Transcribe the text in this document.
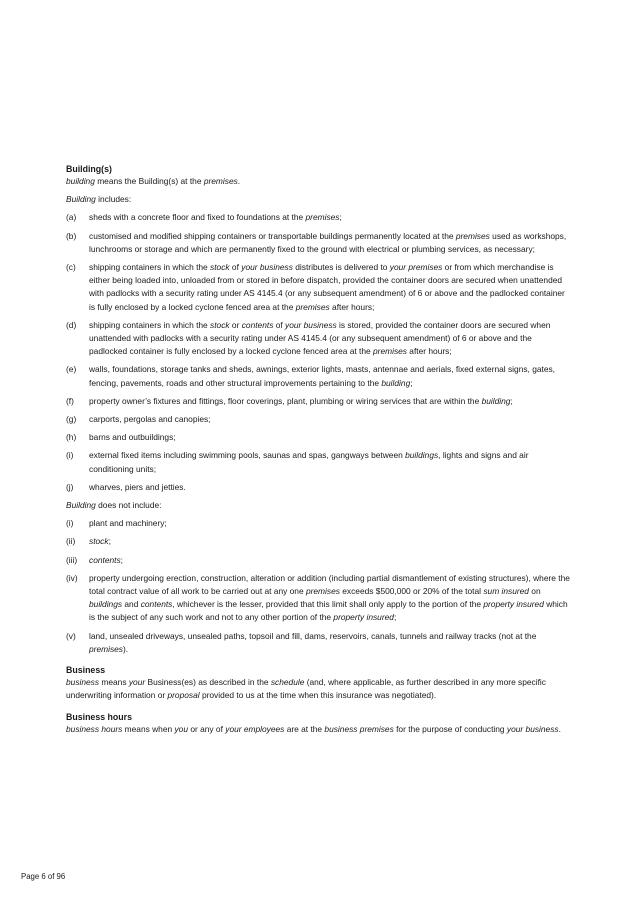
Building(s)

building means the Building(s) at the premises.

Building includes:

(a)	sheds with a concrete floor and fixed to foundations at the premises;
(b)	customised and modified shipping containers or transportable buildings permanently located at the premises used as workshops, lunchrooms or storage and which are permanently fixed to the ground with electrical or plumbing services, as necessary;
(c)	shipping containers in which the stock of your business distributes is delivered to your premises or from which merchandise is either being loaded into, unloaded from or stored in before dispatch, provided the container doors are secured when unattended with padlocks with a security rating under AS 4145.4 (or any subsequent amendment) of 6 or above and the padlocked container is fully enclosed by a locked cyclone fenced area at the premises after hours;
(d)	shipping containers in which the stock or contents of your business is stored, provided the container doors are secured when unattended with padlocks with a security rating under AS 4145.4 (or any subsequent amendment) of 6 or above and the padlocked container is fully enclosed by a locked cyclone fenced area at the premises after hours;
(e)	walls, foundations, storage tanks and sheds, awnings, exterior lights, masts, antennae and aerials, fixed external signs, gates, fencing, pavements, roads and other structural improvements pertaining to the building;
(f)	property owner’s fixtures and fittings, floor coverings, plant, plumbing or wiring services that are within the building;
(g)	carports, pergolas and canopies;
(h)	barns and outbuildings;
(i)	external fixed items including swimming pools, saunas and spas, gangways between buildings, lights and signs and air conditioning units;
(j)	wharves, piers and jetties.

Building does not include:

(i)	plant and machinery;
(ii)	stock;
(iii)	contents;
(iv)	property undergoing erection, construction, alteration or addition (including partial dismantlement of existing structures), where the total contract value of all work to be carried out at any one premises exceeds $500,000 or 20% of the total sum insured on buildings and contents, whichever is the lesser, provided that this limit shall only apply to the portion of the property insured which is the subject of any such work and not to any other portion of the property insured;
(v)	land, unsealed driveways, unsealed paths, topsoil and fill, dams, reservoirs, canals, tunnels and railway tracks (not at the premises).
Business

business means your Business(es) as described in the schedule (and, where applicable, as further described in any more specific underwriting information or proposal provided to us at the time when this insurance was negotiated).

Business hours

business hours means when you or any of your employees are at the business premises for the purpose of conducting your business.

Page 6 of 96
